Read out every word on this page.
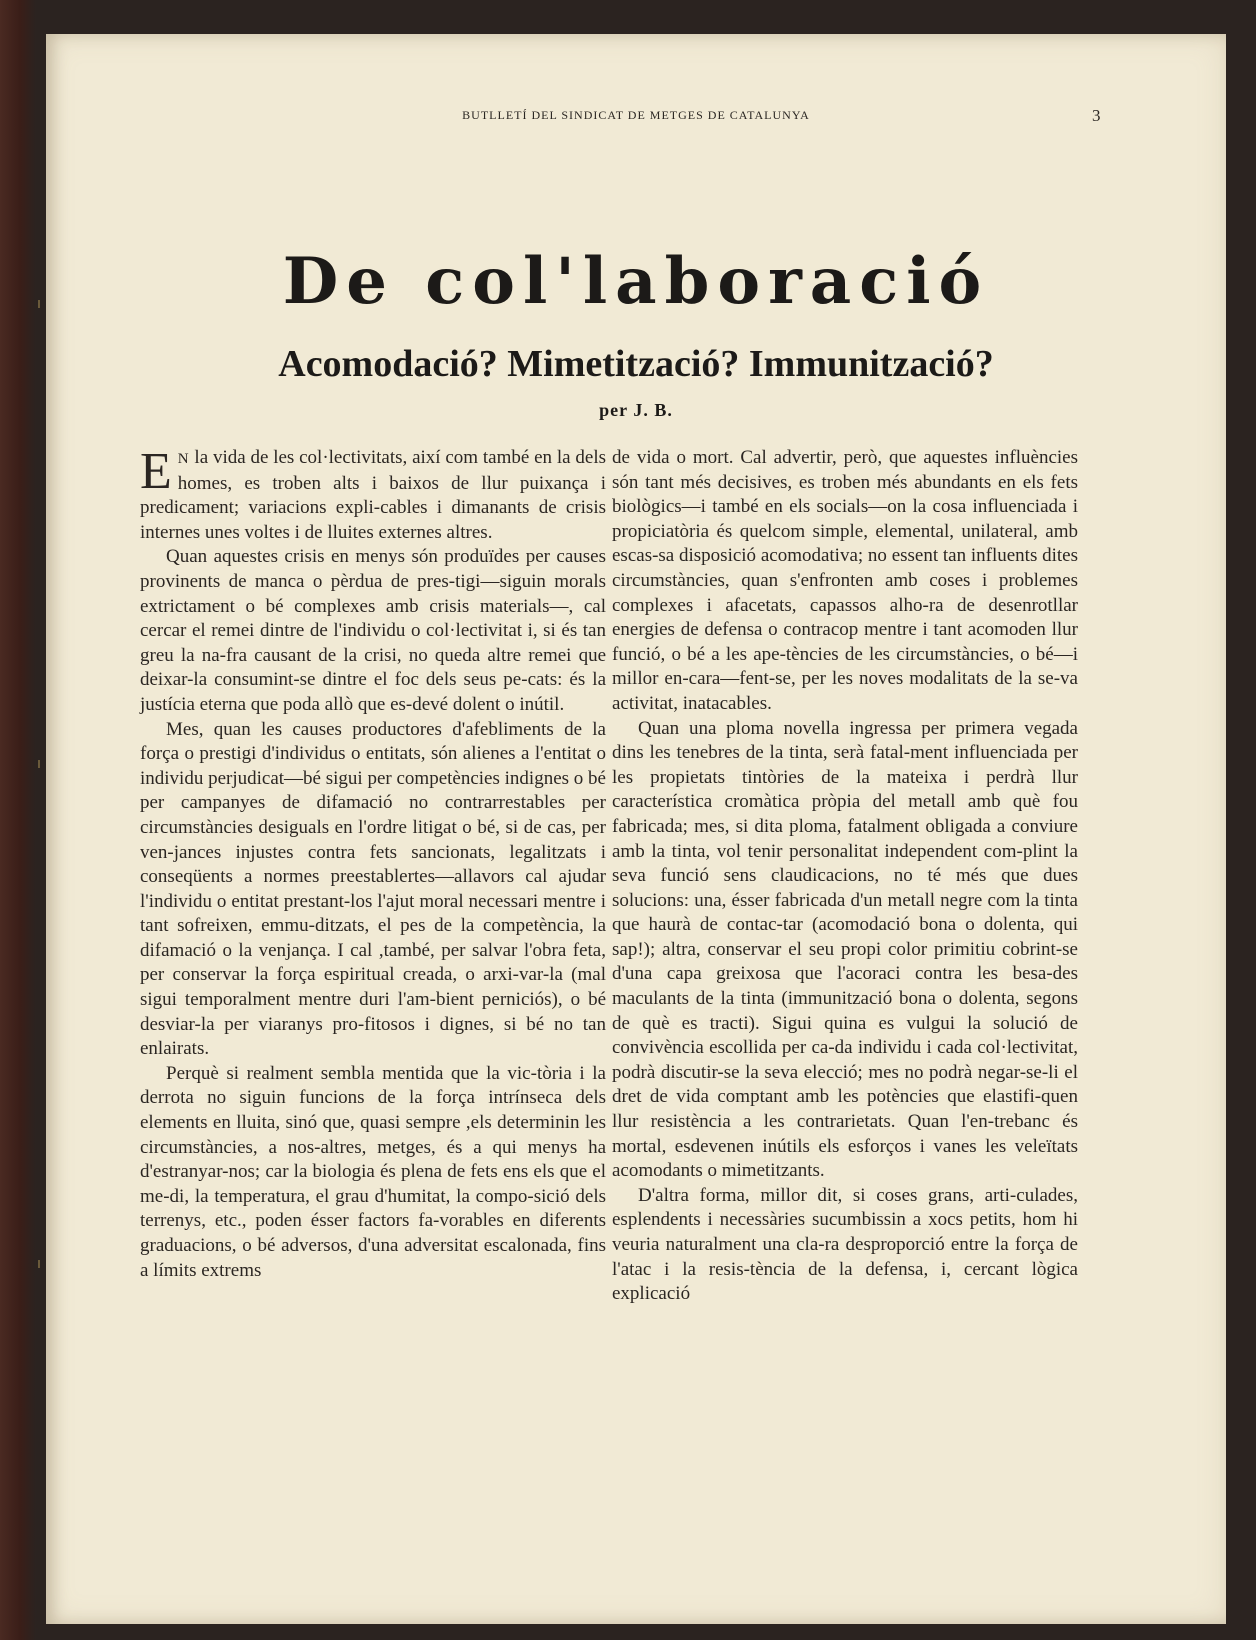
BUTLLETÍ DEL SINDICAT DE METGES DE CATALUNYA	3
De col'laboració
Acomodació? Mimetització? Immunització?
per J. B.

E N la vida de les col·lectivitats, així com també en la dels homes, es troben alts i baixos de llur puixança i predicament; variacions expli-cables i dimanants de crisis internes unes voltes i de lluites externes altres.

Quan aquestes crisis en menys són produïdes per causes provinents de manca o pèrdua de pres-tigi—siguin morals extrictament o bé complexes amb crisis materials—, cal cercar el remei dintre de l'individu o col·lectivitat i, si és tan greu la na-fra causant de la crisi, no queda altre remei que deixar-la consumint-se dintre el foc dels seus pe-cats: és la justícia eterna que poda allò que es-devé dolent o inútil.

Mes, quan les causes productores d'afebliments de la força o prestigi d'individus o entitats, són alienes a l'entitat o individu perjudicat—bé sigui per competències indignes o bé per campanyes de difamació no contrarrestables per circumstàncies desiguals en l'ordre litigat o bé, si de cas, per ven-jances injustes contra fets sancionats, legalitzats i conseqüents a normes preestablertes—allavors cal ajudar l'individu o entitat prestant-los l'ajut moral necessari mentre i tant sofreixen, emmu-ditzats, el pes de la competència, la difamació o la venjança. I cal ,també, per salvar l'obra feta, per conservar la força espiritual creada, o arxi-var-la (mal sigui temporalment mentre duri l'am-bient perniciós), o bé desviar-la per viaranys pro-fitosos i dignes, si bé no tan enlairats.

Perquè si realment sembla mentida que la vic-tòria i la derrota no siguin funcions de la força intrínseca dels elements en lluita, sinó que, quasi sempre ,els determinin les circumstàncies, a nos-altres, metges, és a qui menys ha d'estranyar-nos; car la biologia és plena de fets ens els que el me-di, la temperatura, el grau d'humitat, la compo-sició dels terrenys, etc., poden ésser factors fa-vorables en diferents graduacions, o bé adversos, d'una adversitat escalonada, fins a límits extrems

de vida o mort. Cal advertir, però, que aquestes influències són tant més decisives, es troben més abundants en els fets biològics—i també en els socials—on la cosa influenciada i propiciatòria és quelcom simple, elemental, unilateral, amb escas-sa disposició acomodativa; no essent tan influents dites circumstàncies, quan s'enfronten amb coses i problemes complexes i afacetats, capassos alho-ra de desenrotllar energies de defensa o contracop mentre i tant acomoden llur funció, o bé a les ape-tències de les circumstàncies, o bé—i millor en-cara—fent-se, per les noves modalitats de la se-va activitat, inatacables.

Quan una ploma novella ingressa per primera vegada dins les tenebres de la tinta, serà fatal-ment influenciada per les propietats tintòries de la mateixa i perdrà llur característica cromàtica pròpia del metall amb què fou fabricada; mes, si dita ploma, fatalment obligada a conviure amb la tinta, vol tenir personalitat independent com-plint la seva funció sens claudicacions, no té més que dues solucions: una, ésser fabricada d'un metall negre com la tinta que haurà de contac-tar (acomodació bona o dolenta, qui sap!); altra, conservar el seu propi color primitiu cobrint-se d'una capa greixosa que l'acoraci contra les besa-des maculants de la tinta (immunització bona o dolenta, segons de què es tracti). Sigui quina es vulgui la solució de convivència escollida per ca-da individu i cada col·lectivitat, podrà discutir-se la seva elecció; mes no podrà negar-se-li el dret de vida comptant amb les potències que elastifi-quen llur resistència a les contrarietats. Quan l'en-trebanc és mortal, esdevenen inútils els esforços i vanes les veleïtats acomodants o mimetitzants.

D'altra forma, millor dit, si coses grans, arti-culades, esplendents i necessàries sucumbissin a xocs petits, hom hi veuria naturalment una cla-ra desproporció entre la força de l'atac i la resis-tència de la defensa, i, cercant lògica explicació
